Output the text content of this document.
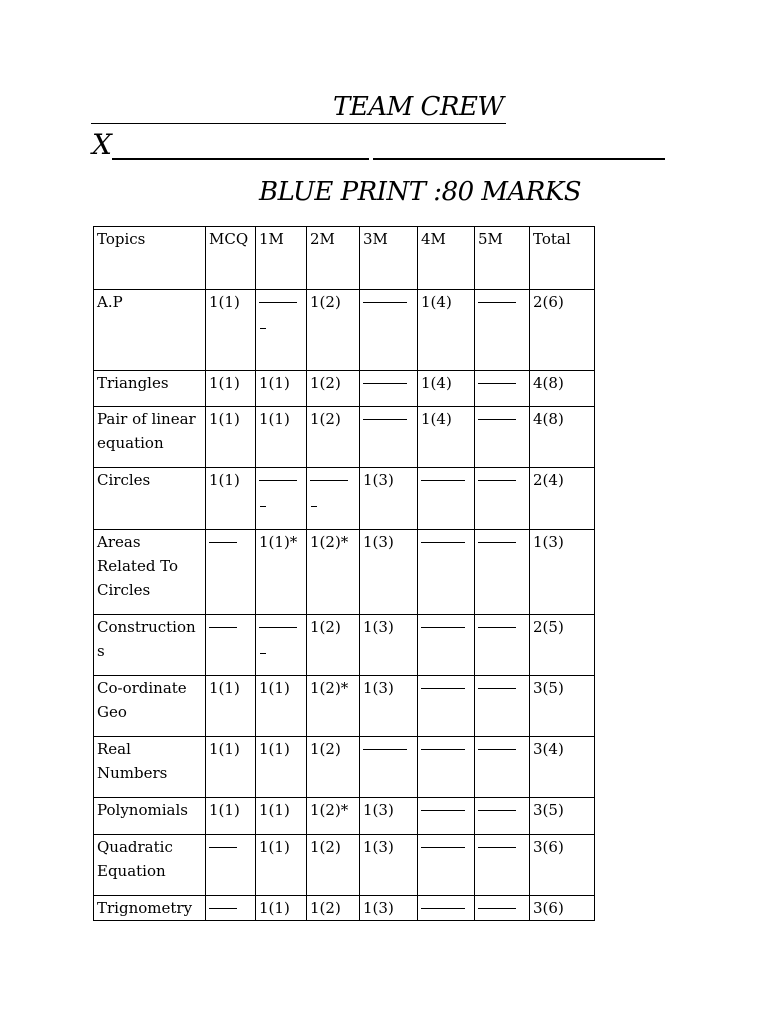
TEAM CREW
X
BLUE PRINT :80 MARKS
Topics	MCQ	1M	2M	3M	4M	5M	Total
A.P	1(1)		1(2)		1(4)		2(6)
Triangles	1(1)	1(1)	1(2)		1(4)		4(8)
Pair of linear equation	1(1)	1(1)	1(2)		1(4)		4(8)
Circles	1(1)			1(3)			2(4)
Areas Related To Circles		1(1)*	1(2)*	1(3)			1(3)
Construction s			1(2)	1(3)			2(5)
Co-ordinate Geo	1(1)	1(1)	1(2)*	1(3)			3(5)
Real Numbers	1(1)	1(1)	1(2)				3(4)
Polynomials	1(1)	1(1)	1(2)*	1(3)			3(5)
Quadratic Equation		1(1)	1(2)	1(3)			3(6)
Trignometry		1(1)	1(2)	1(3)			3(6)
